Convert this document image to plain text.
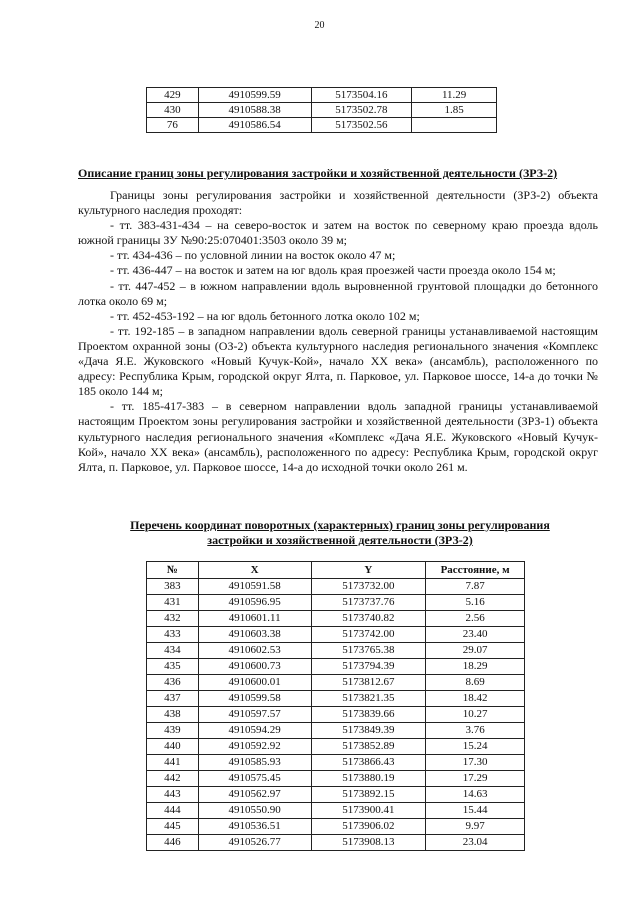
20
429	4910599.59	5173504.16	11.29
430	4910588.38	5173502.78	1.85
76	4910586.54	5173502.56	
Описание границ зоны регулирования застройки и хозяйственной деятельности (ЗРЗ-2)

Границы зоны регулирования застройки и хозяйственной деятельности (ЗРЗ-2) объекта культурного наследия проходят:

- тт. 383-431-434 – на северо-восток и затем на восток по северному краю проезда вдоль южной границы ЗУ №90:25:070401:3503 около 39 м;

- тт. 434-436 – по условной линии на восток около 47 м;

- тт. 436-447 – на восток и затем на юг вдоль края проезжей части проезда около 154 м;

- тт. 447-452 – в южном направлении вдоль выровненной грунтовой площадки до бетонного лотка около 69 м;

- тт. 452-453-192 – на юг вдоль бетонного лотка около 102 м;

- тт. 192-185 – в западном направлении вдоль северной границы устанавливаемой настоящим Проектом охранной зоны (ОЗ-2) объекта культурного наследия регионального значения «Комплекс «Дача Я.Е. Жуковского «Новый Кучук-Кой», начало XX века» (ансамбль), расположенного по адресу: Республика Крым, городской округ Ялта, п. Парковое, ул. Парковое шоссе, 14-а до точки № 185 около 144 м;

- тт. 185-417-383 – в северном направлении вдоль западной границы устанавливаемой настоящим Проектом зоны регулирования застройки и хозяйственной деятельности (ЗРЗ-1) объекта культурного наследия регионального значения «Комплекс «Дача Я.Е. Жуковского «Новый Кучук-Кой», начало XX века» (ансамбль), расположенного по адресу: Республика Крым, городской округ Ялта, п. Парковое, ул. Парковое шоссе, 14-а до исходной точки около 261 м.

Перечень координат поворотных (характерных) границ зоны регулирования застройки и хозяйственной деятельности (ЗРЗ-2)
№	X	Y	Расстояние, м
383	4910591.58	5173732.00	7.87
431	4910596.95	5173737.76	5.16
432	4910601.11	5173740.82	2.56
433	4910603.38	5173742.00	23.40
434	4910602.53	5173765.38	29.07
435	4910600.73	5173794.39	18.29
436	4910600.01	5173812.67	8.69
437	4910599.58	5173821.35	18.42
438	4910597.57	5173839.66	10.27
439	4910594.29	5173849.39	3.76
440	4910592.92	5173852.89	15.24
441	4910585.93	5173866.43	17.30
442	4910575.45	5173880.19	17.29
443	4910562.97	5173892.15	14.63
444	4910550.90	5173900.41	15.44
445	4910536.51	5173906.02	9.97
446	4910526.77	5173908.13	23.04
